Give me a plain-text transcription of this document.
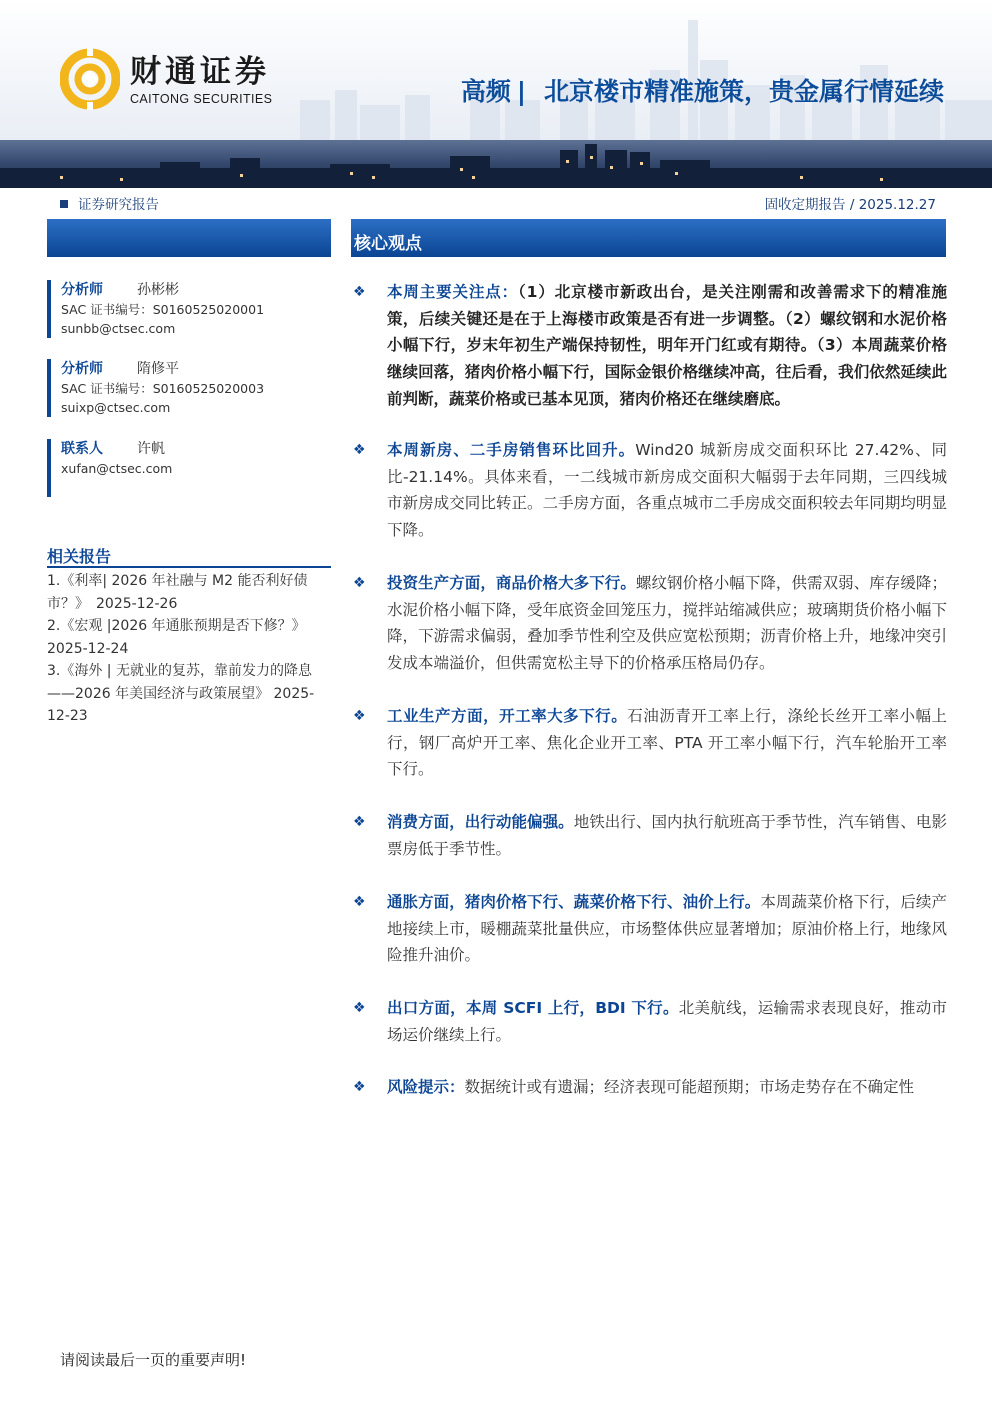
财通证券
CAITONG SECURITIES	高频 | 北京楼市精准施策，贵金属行情延续
证券研究报告	固收定期报告 / 2025.12.27
核心观点
分析师 孙彬彬
SAC 证书编号：S0160525020001
sunbb@ctsec.com
分析师 隋修平
SAC 证书编号：S0160525020003
suixp@ctsec.com
联系人 许帆
xufan@ctsec.com
相关报告

1.《利率| 2026 年社融与 M2 能否利好债市？》　2025-12-26

2.《宏观 |2026 年通胀预期是否下修？》 2025-12-24

3.《海外 | 无就业的复苏，靠前发力的降息——2026 年美国经济与政策展望》 2025-12-23

❖ 本周主要关注点：（1）北京楼市新政出台，是关注刚需和改善需求下的精准施策，后续关键还是在于上海楼市政策是否有进一步调整。（2）螺纹钢和水泥价格小幅下行，岁末年初生产端保持韧性，明年开门红或有期待。（3）本周蔬菜价格继续回落，猪肉价格小幅下行，国际金银价格继续冲高，往后看，我们依然延续此前判断，蔬菜价格或已基本见顶，猪肉价格还在继续磨底。
❖ 本周新房、二手房销售环比回升。Wind20 城新房成交面积环比 27.42%、同比-21.14%。具体来看，一二线城市新房成交面积大幅弱于去年同期，三四线城市新房成交同比转正。二手房方面，各重点城市二手房成交面积较去年同期均明显下降。
❖ 投资生产方面，商品价格大多下行。螺纹钢价格小幅下降，供需双弱、库存缓降；水泥价格小幅下降，受年底资金回笼压力，搅拌站缩减供应；玻璃期货价格小幅下降，下游需求偏弱，叠加季节性利空及供应宽松预期；沥青价格上升，地缘冲突引发成本端溢价，但供需宽松主导下的价格承压格局仍存。
❖ 工业生产方面，开工率大多下行。石油沥青开工率上行，涤纶长丝开工率小幅上行，钢厂高炉开工率、焦化企业开工率、PTA 开工率小幅下行，汽车轮胎开工率下行。
❖ 消费方面，出行动能偏强。地铁出行、国内执行航班高于季节性，汽车销售、电影票房低于季节性。
❖ 通胀方面，猪肉价格下行、蔬菜价格下行、油价上行。本周蔬菜价格下行，后续产地接续上市，暖棚蔬菜批量供应，市场整体供应显著增加；原油价格上行，地缘风险推升油价。
❖ 出口方面，本周 SCFI 上行，BDI 下行。北美航线，运输需求表现良好，推动市场运价继续上行。
❖ 风险提示：数据统计或有遗漏；经济表现可能超预期；市场走势存在不确定性
请阅读最后一页的重要声明!
